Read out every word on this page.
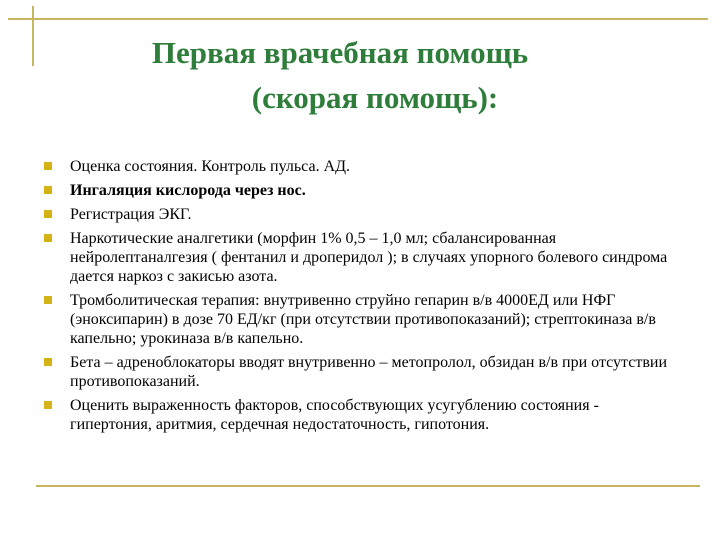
Первая врачебная помощь
(скорая помощь):
Оценка состояния. Контроль пульса. АД.
Ингаляция кислорода через нос.
Регистрация ЭКГ.
Наркотические аналгетики (морфин 1% 0,5 – 1,0 мл; сбалансированная нейролептаналгезия ( фентанил и дроперидол ); в случаях упорного болевого синдрома дается наркоз с закисью азота.
Тромболитическая терапия: внутривенно струйно гепарин в/в 4000ЕД или НФГ (эноксипарин) в дозе 70 ЕД/кг (при отсутствии противопоказаний); стрептокиназа в/в капельно; урокиназа в/в капельно.
Бета – адреноблокаторы вводят внутривенно – метопролол, обзидан в/в при отсутствии противопоказаний.
Оценить выраженность факторов, способствующих усугублению состояния - гипертония, аритмия, сердечная недостаточность, гипотония.
